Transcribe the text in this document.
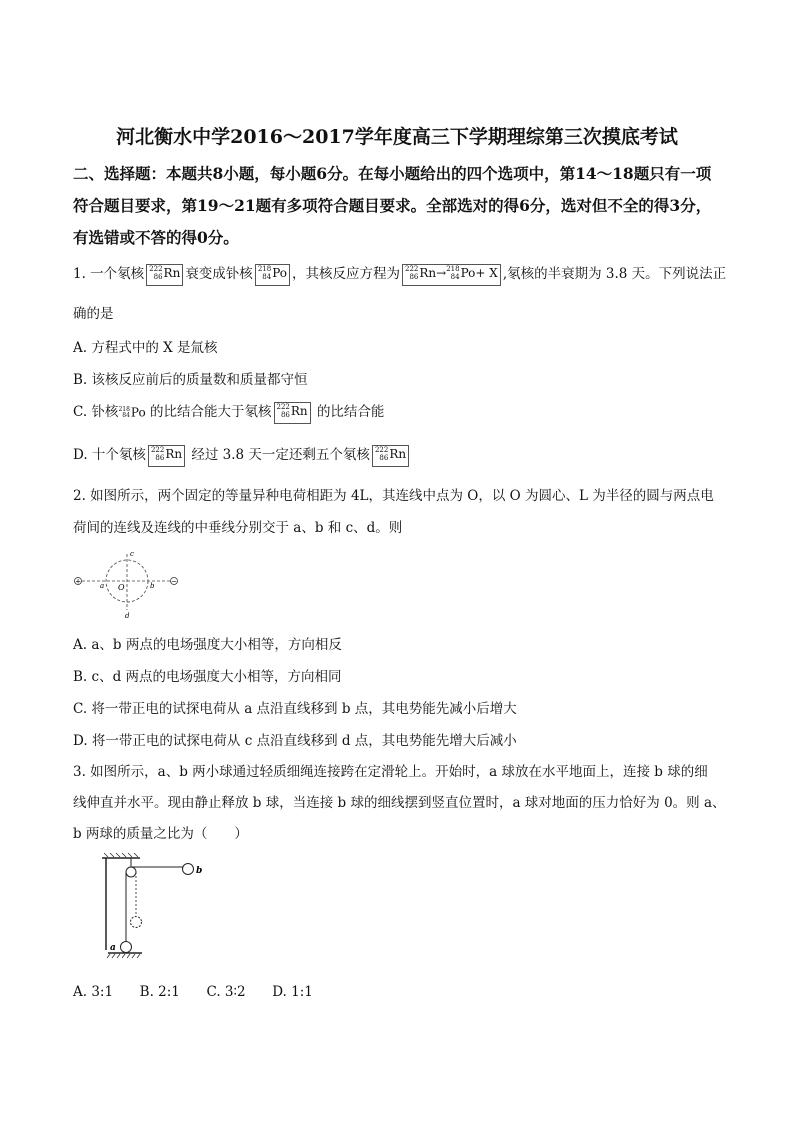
河北衡水中学2016～2017学年度高三下学期理综第三次摸底考试
二、选择题：本题共8小题，每小题6分。在每小题给出的四个选项中，第14～18题只有一项符合题目要求，第19～21题有多项符合题目要求。全部选对的得6分，选对但不全的得3分，有选错或不答的得0分。
1. 一个氡核 222
86 Rn 衰变成钋核 218
84 Po ，其核反应方程为 222
86 Rn→ 218
84 Po+ X ,氡核的半衰期为 3.8 天。下列说法正
确的是
A. 方程式中的 X 是氚核
B. 该核反应前后的质量数和质量都守恒
C. 钋核 218
84 Po 的比结合能大于氡核 222
86 Rn 的比结合能
D. 十个氡核 222
86 Rn 经过 3.8 天一定还剩五个氡核 222
86 Rn
2. 如图所示，两个固定的等量异种电荷相距为 4L，其连线中点为 O，以 O 为圆心、L 为半径的圆与两点电
荷间的连线及连线的中垂线分别交于 a、b 和 c、d。则
+	−
a	b
c
d
O
A. a、b 两点的电场强度大小相等，方向相反
B. c、d 两点的电场强度大小相等，方向相同
C. 将一带正电的试探电荷从 a 点沿直线移到 b 点，其电势能先减小后增大
D. 将一带正电的试探电荷从 c 点沿直线移到 d 点，其电势能先增大后减小
3. 如图所示，a、b 两小球通过轻质细绳连接跨在定滑轮上。开始时，a 球放在水平地面上，连接 b 球的细
线伸直并水平。现由静止释放 b 球，当连接 b 球的细线摆到竖直位置时，a 球对地面的压力恰好为 0。则 a、
b 两球的质量之比为（　　）
b
a
A. 3:1 B. 2:1 C. 3∶2 D. 1:1
